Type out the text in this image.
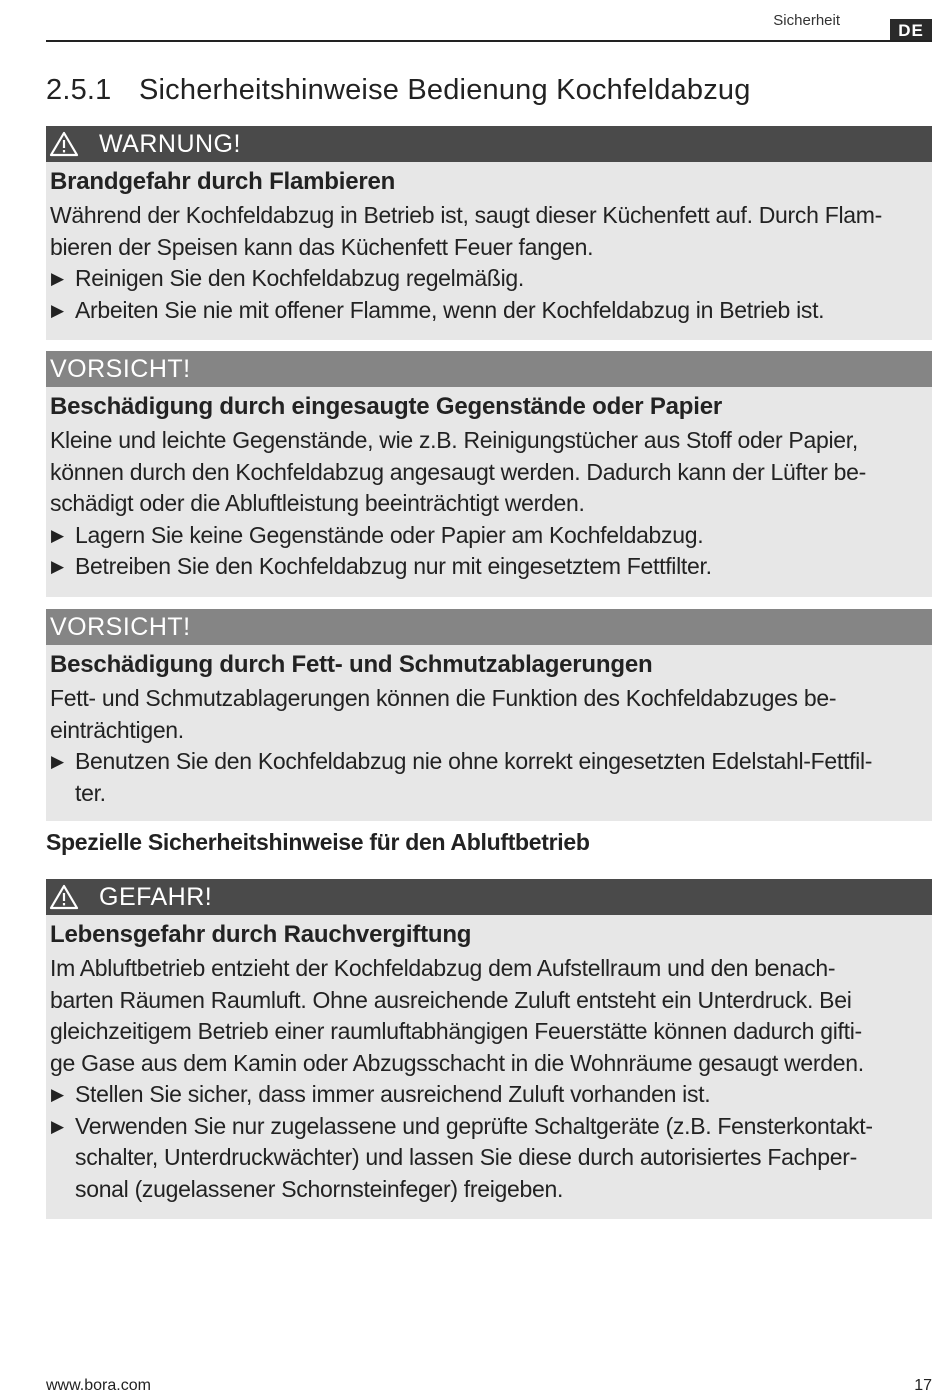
Sicherheit
DE
2.5.1 Sicherheitshinweise Bedienung Kochfeldabzug
WARNUNG!

Brandgefahr durch Flambieren

Während der Kochfeldabzug in Betrieb ist, saugt dieser Küchenfett auf. Durch Flam-
bieren der Speisen kann das Küchenfett Feuer fangen.

▶ Reinigen Sie den Kochfeldabzug regelmäßig.
▶ Arbeiten Sie nie mit offener Flamme, wenn der Kochfeldabzug in Betrieb ist.
VORSICHT!

Beschädigung durch eingesaugte Gegenstände oder Papier

Kleine und leichte Gegenstände, wie z.B. Reinigungstücher aus Stoff oder Papier,
können durch den Kochfeldabzug angesaugt werden. Dadurch kann der Lüfter be-
schädigt oder die Abluftleistung beeinträchtigt werden.

▶ Lagern Sie keine Gegenstände oder Papier am Kochfeldabzug.
▶ Betreiben Sie den Kochfeldabzug nur mit eingesetztem Fettfilter.
VORSICHT!

Beschädigung durch Fett- und Schmutzablagerungen

Fett- und Schmutzablagerungen können die Funktion des Kochfeldabzuges be-
einträchtigen.

▶ Benutzen Sie den Kochfeldabzug nie ohne korrekt eingesetzten Edelstahl-Fettfil-
ter.
Spezielle Sicherheitshinweise für den Abluftbetrieb
GEFAHR!

Lebensgefahr durch Rauchvergiftung

Im Abluftbetrieb entzieht der Kochfeldabzug dem Aufstellraum und den benach-
barten Räumen Raumluft. Ohne ausreichende Zuluft entsteht ein Unterdruck. Bei
gleichzeitigem Betrieb einer raumluftabhängigen Feuerstätte können dadurch gifti-
ge Gase aus dem Kamin oder Abzugsschacht in die Wohnräume gesaugt werden.

▶ Stellen Sie sicher, dass immer ausreichend Zuluft vorhanden ist.
▶ Verwenden Sie nur zugelassene und geprüfte Schaltgeräte (z.B. Fensterkontakt-
schalter, Unterdruckwächter) und lassen Sie diese durch autorisiertes Fachper-
sonal (zugelassener Schornsteinfeger) freigeben.
www.bora.com	17
